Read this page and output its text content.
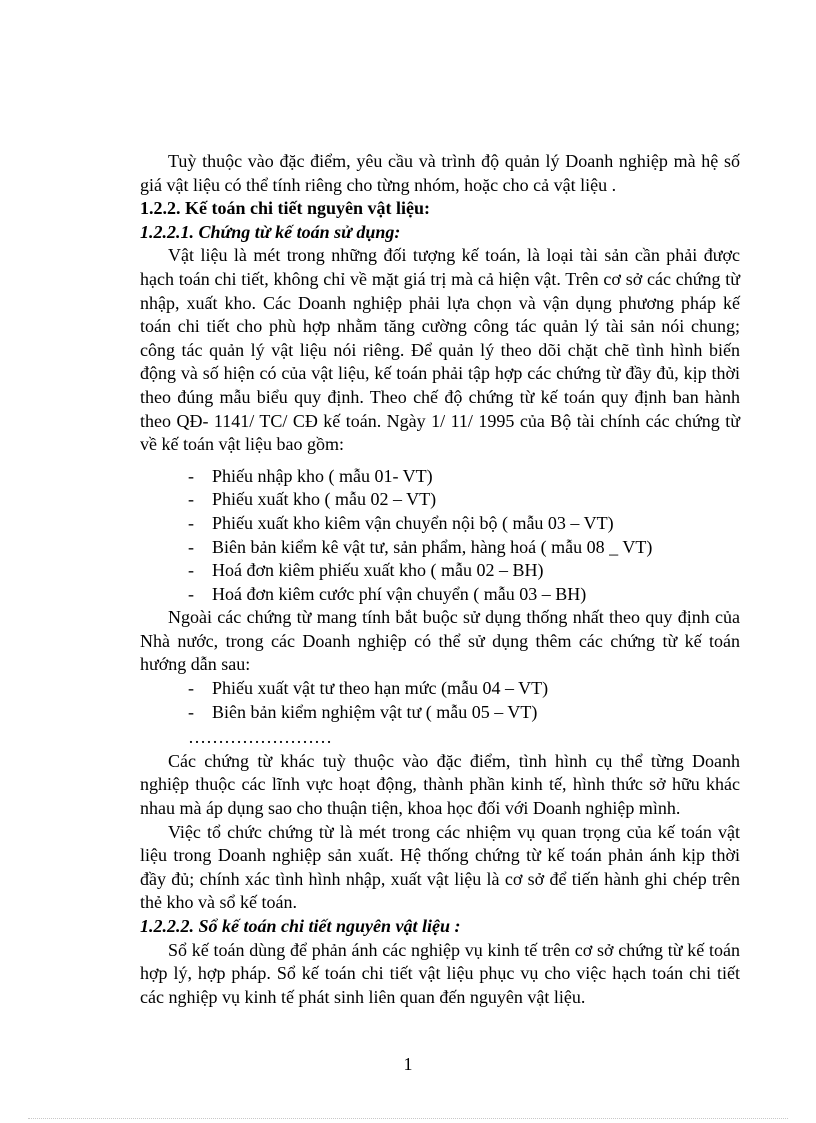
Tuỳ thuộc vào đặc điểm, yêu cầu và trình độ quản lý Doanh nghiệp mà hệ số giá vật liệu có thể tính riêng cho từng nhóm, hoặc cho cả vật liệu .

1.2.2. Kế toán chi tiết nguyên vật liệu:

1.2.2.1. Chứng từ kế toán sử dụng:

Vật liệu là mét trong những đối tượng kế toán, là loại tài sản cần phải được hạch toán chi tiết, không chỉ về mặt giá trị mà cả hiện vật. Trên cơ sở các chứng từ nhập, xuất kho. Các Doanh nghiệp phải lựa chọn và vận dụng phương pháp kế toán chi tiết cho phù hợp nhằm tăng cường công tác quản lý tài sản nói chung; công tác quản lý vật liệu nói riêng. Để quản lý theo dõi chặt chẽ tình hình biến động và số hiện có của vật liệu, kế toán phải tập hợp các chứng từ đầy đủ, kịp thời theo đúng mẫu biểu quy định. Theo chế độ chứng từ kế toán quy định ban hành theo QĐ- 1141/ TC/ CĐ kế toán. Ngày 1/ 11/ 1995 của Bộ tài chính các chứng từ về kế toán vật liệu bao gồm:

- Phiếu nhập kho ( mẫu 01- VT)
- Phiếu xuất kho ( mẫu 02 – VT)
- Phiếu xuất kho kiêm vận chuyển nội bộ ( mẫu 03 – VT)
- Biên bản kiểm kê vật tư, sản phẩm, hàng hoá ( mẫu 08 _ VT)
- Hoá đơn kiêm phiếu xuất kho ( mẫu 02 – BH)
- Hoá đơn kiêm cước phí vận chuyển ( mẫu 03 – BH)

Ngoài các chứng từ mang tính bắt buộc sử dụng thống nhất theo quy định của Nhà nước, trong các Doanh nghiệp có thể sử dụng thêm các chứng từ kế toán hướng dẫn sau:

- Phiếu xuất vật tư theo hạn mức (mẫu 04 – VT)
- Biên bản kiểm nghiệm vật tư ( mẫu 05 – VT)

……………………

Các chứng từ khác tuỳ thuộc vào đặc điểm, tình hình cụ thể từng Doanh nghiệp thuộc các lĩnh vực hoạt động, thành phần kinh tế, hình thức sở hữu khác nhau mà áp dụng sao cho thuận tiện, khoa học đối với Doanh nghiệp mình.

Việc tổ chức chứng từ là mét trong các nhiệm vụ quan trọng của kế toán vật liệu trong Doanh nghiệp sản xuất. Hệ thống chứng từ kế toán phản ánh kịp thời đầy đủ; chính xác tình hình nhập, xuất vật liệu là cơ sở để tiến hành ghi chép trên thẻ kho và sổ kế toán.

1.2.2.2. Sổ kế toán chi tiết nguyên vật liệu :

Sổ kế toán dùng để phản ánh các nghiệp vụ kinh tế trên cơ sở chứng từ kế toán hợp lý, hợp pháp. Sổ kế toán chi tiết vật liệu phục vụ cho việc hạch toán chi tiết các nghiệp vụ kinh tế phát sinh liên quan đến nguyên vật liệu.

1
